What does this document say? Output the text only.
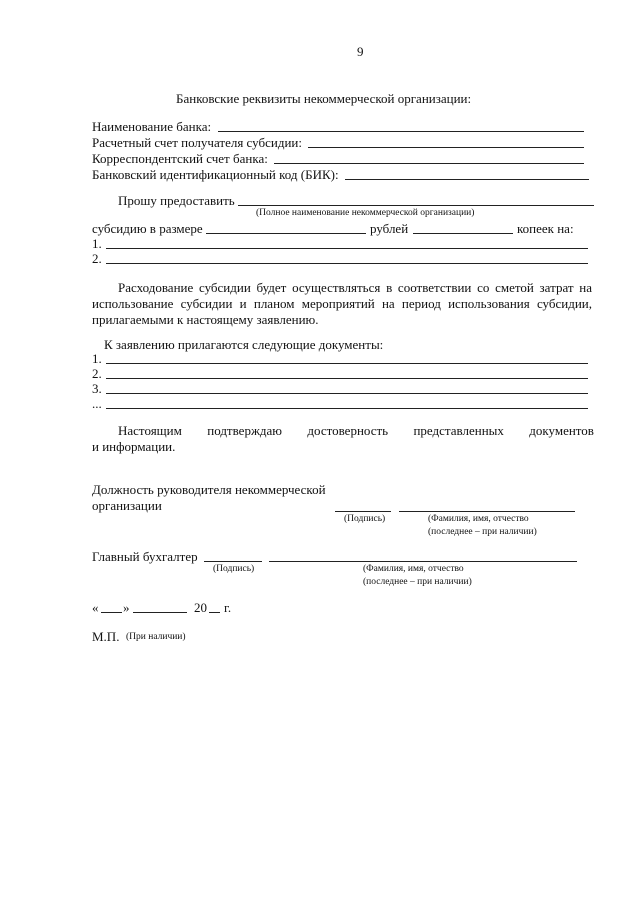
9
Банковские реквизиты некоммерческой организации:
Наименование банка:
Расчетный счет получателя субсидии:
Корреспондентский счет банка:
Банковский идентификационный код (БИК):
Прошу предоставить
(Полное наименование некоммерческой организации)
субсидию в размере	рублей	копеек на:
1.
2.
Расходование субсидии будет осуществляться в соответствии со сметой затрат на использование субсидии и планом мероприятий на период использования субсидии, прилагаемыми к настоящему заявлению.
К заявлению прилагаются следующие документы:
1.
2.
3.
...
Настоящим подтверждаю достоверность представленных документов
и информации.
Должность руководителя некоммерческой
организации
(Подпись)	(Фамилия, имя, отчество
(последнее – при наличии)
Главный бухгалтер
(Подпись)	(Фамилия, имя, отчество
(последнее – при наличии)
« »	20 г.
М.П. (При наличии)
